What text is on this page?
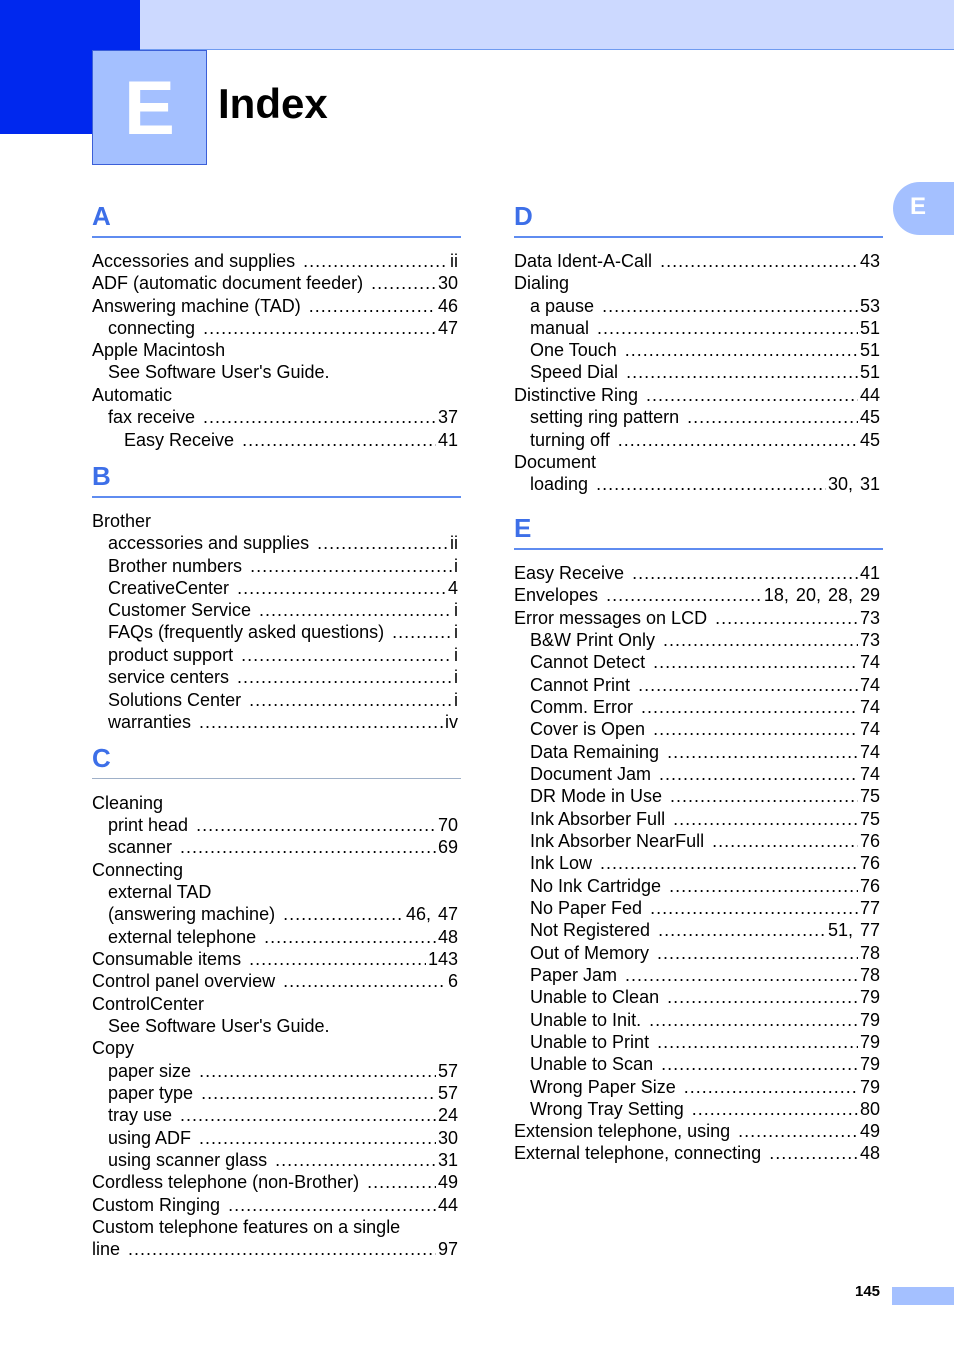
E	Index
E
A
Accessories and supplies .....	ii
ADF (automatic document feeder) .....	30
Answering machine (TAD) .....	46
connecting .....	47
Apple Macintosh
See Software User's Guide.
Automatic
fax receive .....	37
Easy Receive .....	41
B
Brother
accessories and supplies .....	ii
Brother numbers .....	i
CreativeCenter .....	4
Customer Service .....	i
FAQs (frequently asked questions) .....	i
product support .....	i
service centers .....	i
Solutions Center .....	i
warranties .....	iv
C
Cleaning
print head .....	70
scanner .....	69
Connecting
external TAD
(answering machine) .....	46, 47
external telephone .....	48
Consumable items .....	143
Control panel overview .....	6
ControlCenter
See Software User's Guide.
Copy
paper size .....	57
paper type .....	57
tray use .....	24
using ADF .....	30
using scanner glass .....	31
Cordless telephone (non-Brother) .....	49
Custom Ringing .....	44
Custom telephone features on a single
line .....	97
D
Data Ident-A-Call .....	43
Dialing
a pause .....	53
manual .....	51
One Touch .....	51
Speed Dial .....	51
Distinctive Ring .....	44
setting ring pattern .....	45
turning off .....	45
Document
loading .....	30, 31
E
Easy Receive .....	41
Envelopes .....	18, 20, 28, 29
Error messages on LCD .....	73
B&W Print Only .....	73
Cannot Detect .....	74
Cannot Print .....	74
Comm. Error .....	74
Cover is Open .....	74
Data Remaining .....	74
Document Jam .....	74
DR Mode in Use .....	75
Ink Absorber Full .....	75
Ink Absorber NearFull .....	76
Ink Low .....	76
No Ink Cartridge .....	76
No Paper Fed .....	77
Not Registered .....	51, 77
Out of Memory .....	78
Paper Jam .....	78
Unable to Clean .....	79
Unable to Init. .....	79
Unable to Print .....	79
Unable to Scan .....	79
Wrong Paper Size .....	79
Wrong Tray Setting .....	80
Extension telephone, using .....	49
External telephone, connecting .....	48
145
